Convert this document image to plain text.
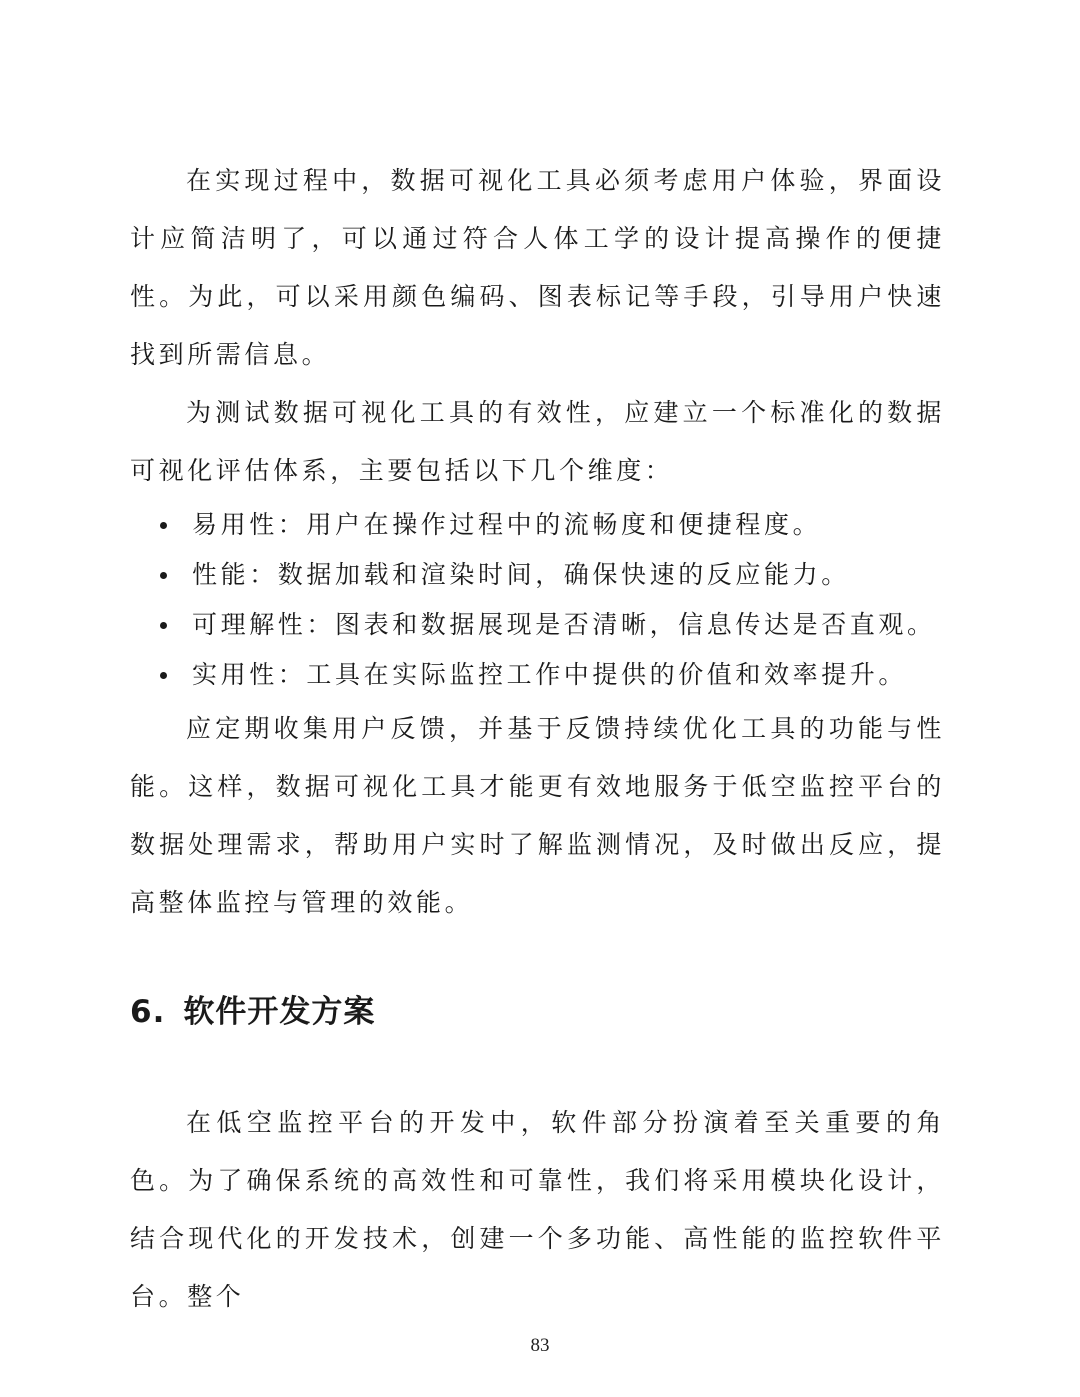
在实现过程中，数据可视化工具必须考虑用户体验，界面设计应简洁明了，可以通过符合人体工学的设计提高操作的便捷性。为此，可以采用颜色编码、图表标记等手段，引导用户快速找到所需信息。

为测试数据可视化工具的有效性，应建立一个标准化的数据可视化评估体系，主要包括以下几个维度：

易用性：用户在操作过程中的流畅度和便捷程度。
性能：数据加载和渲染时间，确保快速的反应能力。
可理解性：图表和数据展现是否清晰，信息传达是否直观。
实用性：工具在实际监控工作中提供的价值和效率提升。

应定期收集用户反馈，并基于反馈持续优化工具的功能与性能。这样，数据可视化工具才能更有效地服务于低空监控平台的数据处理需求，帮助用户实时了解监测情况，及时做出反应，提高整体监控与管理的效能。

6. 软件开发方案

在低空监控平台的开发中，软件部分扮演着至关重要的角色。为了确保系统的高效性和可靠性，我们将采用模块化设计，结合现代化的开发技术，创建一个多功能、高性能的监控软件平台。整个

83
